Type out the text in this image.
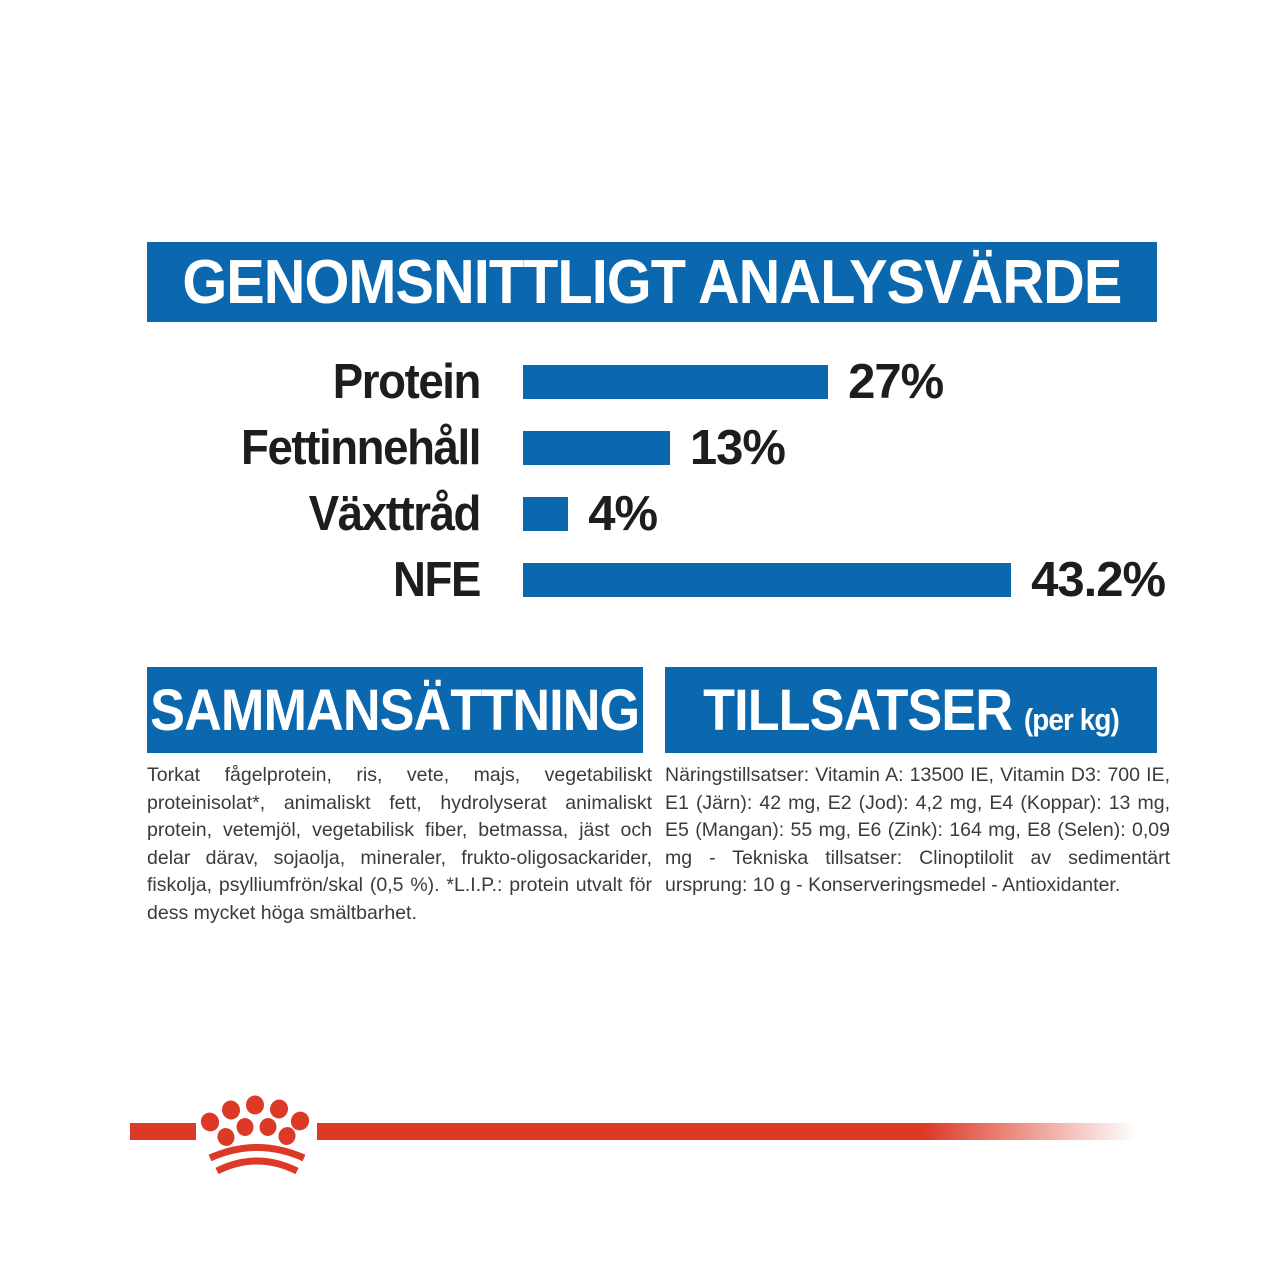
GENOMSNITTLIGT ANALYSVÄRDE
Protein	27%
Fettinnehåll	13%
Växttråd 4%
NFE	43.2%
SAMMANSÄTTNING
Torkat fågelprotein, ris, vete, majs, vegetabiliskt proteinisolat*, animaliskt fett, hydrolyserat animaliskt protein, vetemjöl, vegetabilisk fiber, betmassa, jäst och delar därav, sojaolja, mineraler, frukto-oligosackarider, fiskolja, psylliumfrön/skal (0,5 %). *L.I.P.: protein utvalt för dess mycket höga smältbarhet.
TILLSATSER (per kg)
Näringstillsatser: Vitamin A: 13500 IE, Vitamin D3: 700 IE, E1 (Järn): 42 mg, E2 (Jod): 4,2 mg, E4 (Koppar): 13 mg, E5 (Mangan): 55 mg, E6 (Zink): 164 mg, E8 (Selen): 0,09 mg - Tekniska tillsatser: Clinoptilolit av sedimentärt ursprung: 10 g - Konserveringsmedel - Antioxidanter.
